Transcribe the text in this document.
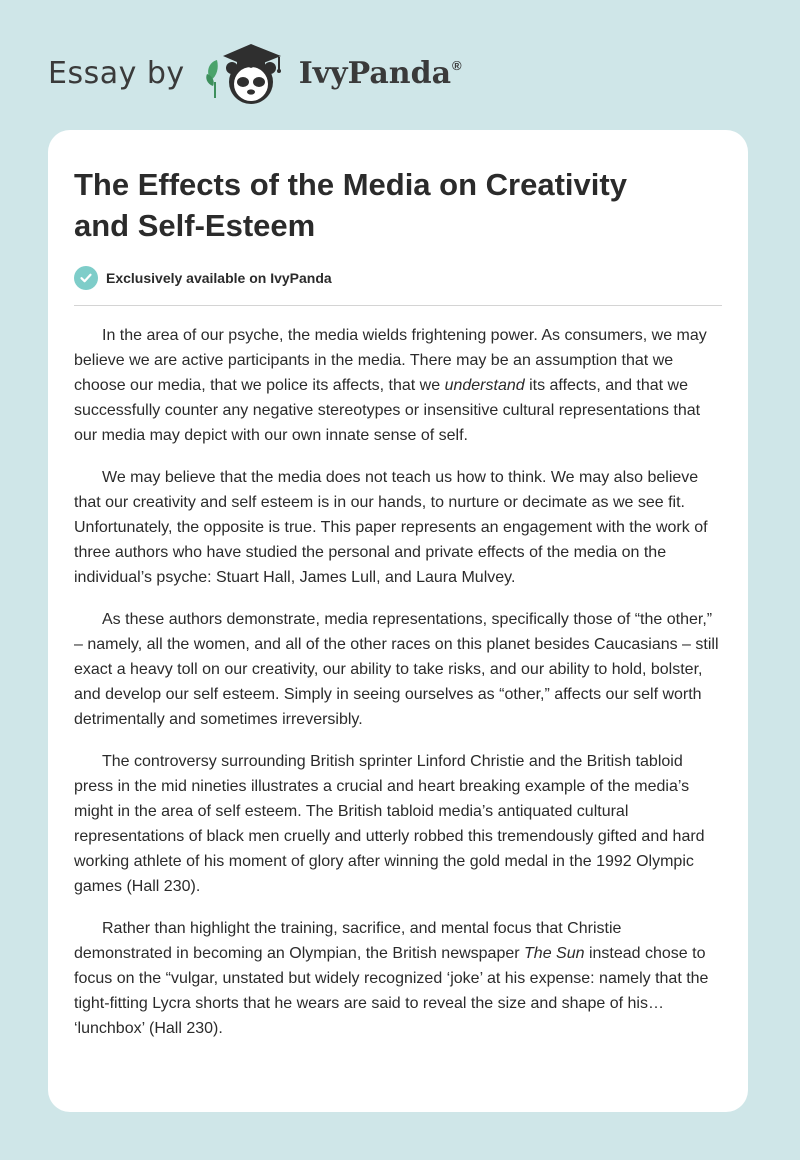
Essay by	IvyPanda®
The Effects of the Media on Creativity and Self-Esteem
Exclusively available on IvyPanda

In the area of our psyche, the media wields frightening power. As consumers, we may believe we are active participants in the media. There may be an assumption that we choose our media, that we police its affects, that we understand its affects, and that we successfully counter any negative stereotypes or insensitive cultural representations that our media may depict with our own innate sense of self.

We may believe that the media does not teach us how to think. We may also believe that our creativity and self esteem is in our hands, to nurture or decimate as we see fit. Unfortunately, the opposite is true. This paper represents an engagement with the work of three authors who have studied the personal and private effects of the media on the individual’s psyche: Stuart Hall, James Lull, and Laura Mulvey.

As these authors demonstrate, media representations, specifically those of “the other,” – namely, all the women, and all of the other races on this planet besides Caucasians – still exact a heavy toll on our creativity, our ability to take risks, and our ability to hold, bolster, and develop our self esteem. Simply in seeing ourselves as “other,” affects our self worth detrimentally and sometimes irreversibly.

The controversy surrounding British sprinter Linford Christie and the British tabloid press in the mid nineties illustrates a crucial and heart breaking example of the media’s might in the area of self esteem. The British tabloid media’s antiquated cultural representations of black men cruelly and utterly robbed this tremendously gifted and hard working athlete of his moment of glory after winning the gold medal in the 1992 Olympic games (Hall 230).

Rather than highlight the training, sacrifice, and mental focus that Christie demonstrated in becoming an Olympian, the British newspaper The Sun instead chose to focus on the “vulgar, unstated but widely recognized ‘joke’ at his expense: namely that the tight-fitting Lycra shorts that he wears are said to reveal the size and shape of his… ‘lunchbox’ (Hall 230).
